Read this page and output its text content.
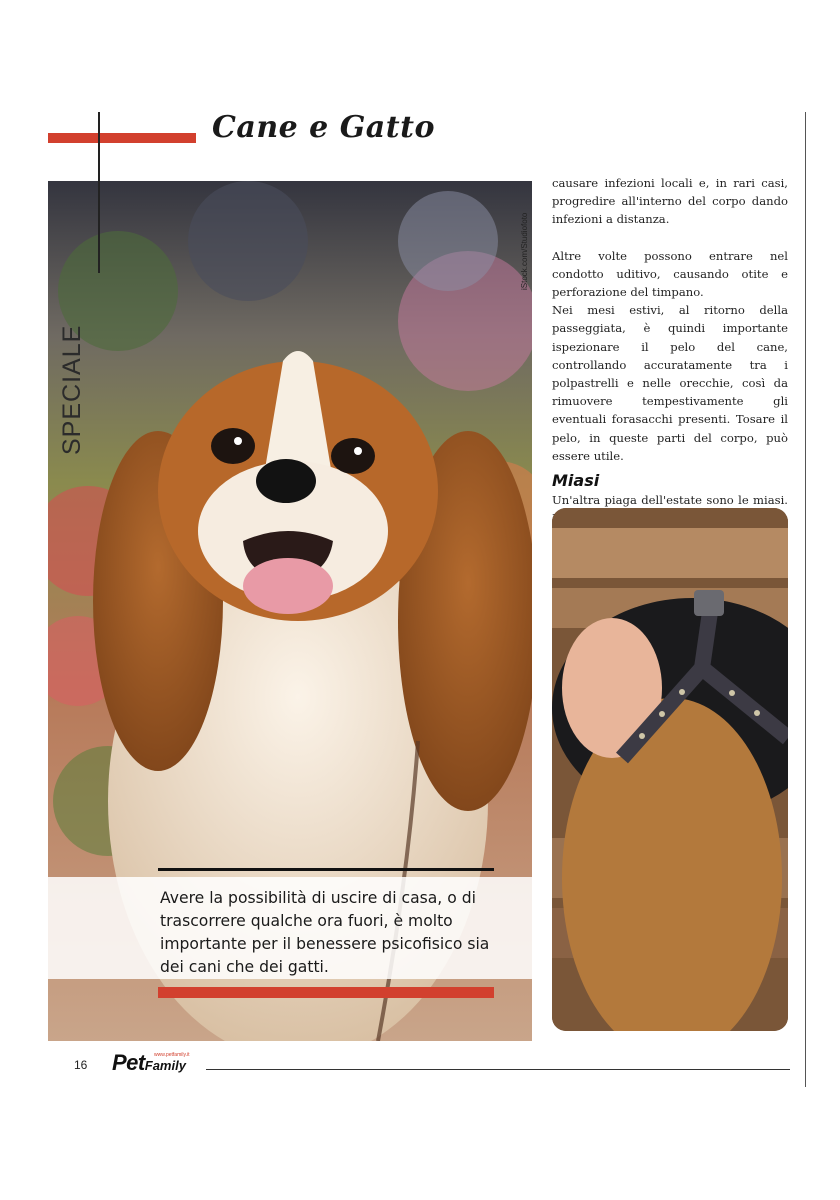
Cane e Gatto
SPECIALE
iStock.com/Studiofoto

Avere la possibilità di uscire di casa, o di trascorrere qualche ora fuori, è molto importante per il benessere psicofisico sia dei cani che dei gatti.

causare infezioni locali e, in rari casi, progredire all'interno del corpo dando infezioni a distanza.

Altre volte possono entrare nel condotto uditivo, causando otite e perforazione del timpano.

Nei mesi estivi, al ritorno della passeggiata, è quindi importante ispezionare il pelo del cane, controllando accuratamente tra i polpastrelli e nelle orecchie, così da rimuovere tempestivamente gli eventuali forasacchi presenti. Tosare il pelo, in queste parti del corpo, può essere utile.

Miasi

Un'altra piaga dell'estate sono le miasi.

16 PetFamily
www.petfamily.it
